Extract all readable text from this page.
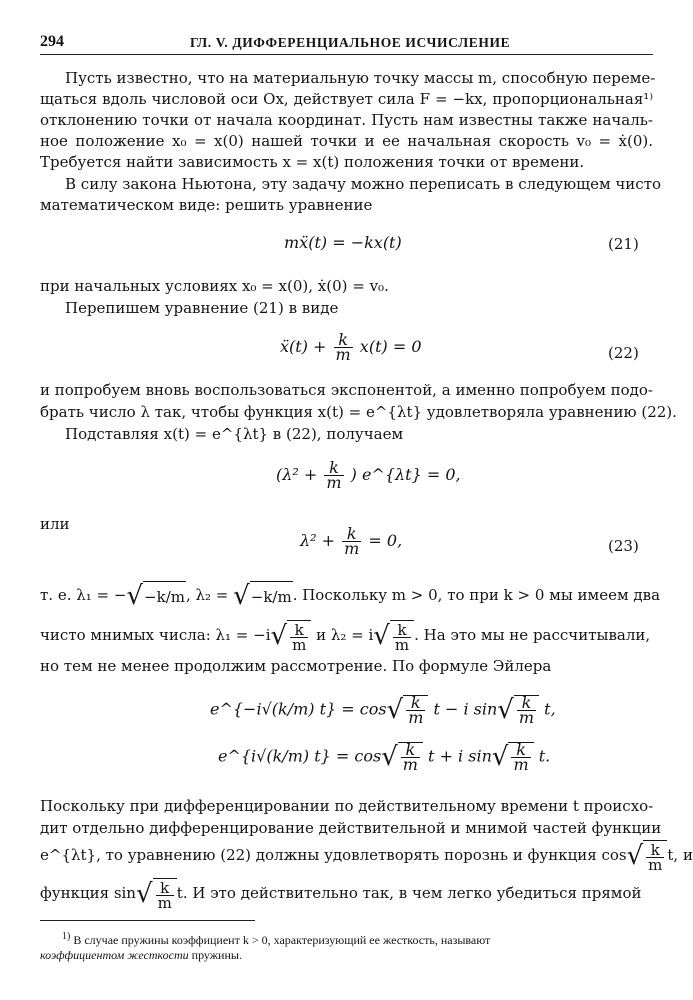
294	ГЛ. V. ДИФФЕРЕНЦИАЛЬНОЕ ИСЧИСЛЕНИЕ
Пусть известно, что на материальную точку массы m, способную переме-
щаться вдоль числовой оси Ox, действует сила F = −kx, пропорциональная¹⁾
отклонению точки от начала координат. Пусть нам известны также началь-
ное положение x₀ = x(0) нашей точки и ее начальная скорость v₀ = ẋ(0).
Требуется найти зависимость x = x(t) положения точки от времени.
В силу закона Ньютона, эту задачу можно переписать в следующем чисто
математическом виде: решить уравнение
mẍ(t) = −kx(t)	(21)
при начальных условиях x₀ = x(0), ẋ(0) = v₀.
Перепишем уравнение (21) в виде
ẍ(t) + $\frac{k}{m} x(t) = 0$	(22)
и попробуем вновь воспользоваться экспонентой, а именно попробуем подо-
брать число λ так, чтобы функция x(t) = e^{λt} удовлетворяла уравнению (22).
Подставляя x(t) = e^{λt} в (22), получаем
($\lambda^2 + \frac{k}{m}$ ) e^{λt} = 0,
или
$\lambda^2 + \frac{k}{m} = 0$,	(23)
т. е. λ₁ = −√−k/m, λ₂ = √−k/m. Поскольку m > 0, то при k > 0 мы имеем два
чисто мнимых числа: $\lambda_1 = -i√ \frac{k}{m}$ и $\lambda_2 = i√ \frac{k}{m}$ . На это мы не рассчитывали,
но тем не менее продолжим рассмотрение. По формуле Эйлера
e^{−i√(k/m) $t\} = \cos√ \frac{k}{m}$ t − i $\sin√ \frac{k}{m} t$,
e^{i√(k/m) $t\} = \cos√ \frac{k}{m}$ t + i $\sin√ \frac{k}{m} t$.
Поскольку при дифференцировании по действительному времени t происхо-
дит отдельно дифференцирование действительной и мнимой частей функции
e^{λt}, то уравнению (22) должны удовлетворять порознь и функция $\cos√ \frac{k}{m} t$, и
функция $\sin√ \frac{k}{m} t$. И это действительно так, в чем легко убедиться прямой
$^{1)}$ В случае пружины коэффициент k > 0, характеризующий ее жесткость, называют
коэффициентом жесткости пружины.
